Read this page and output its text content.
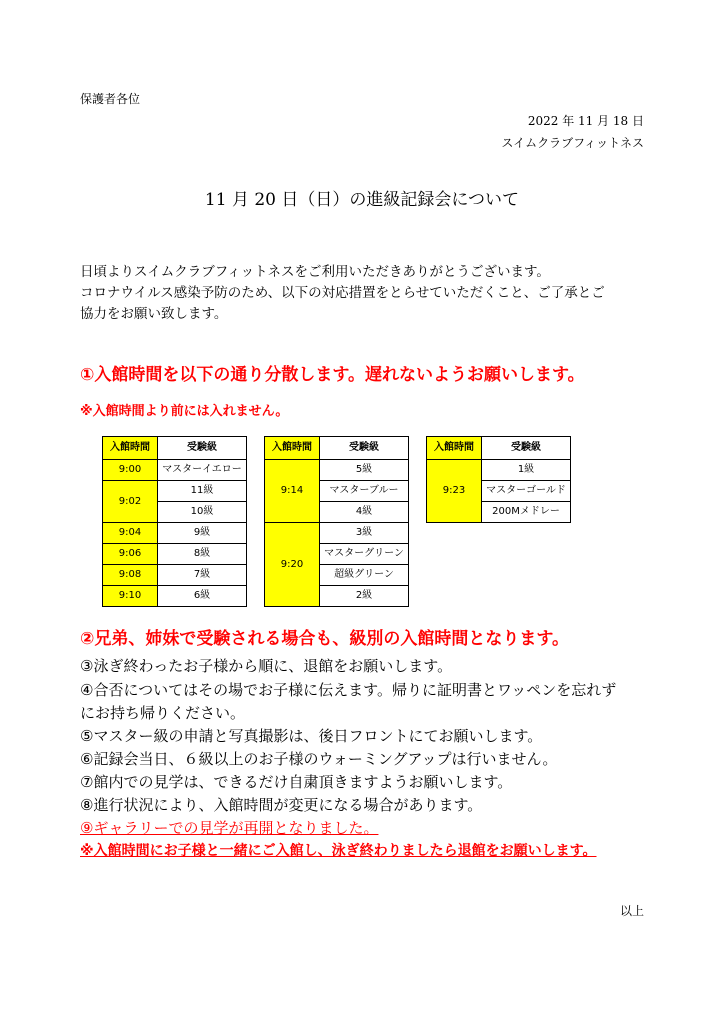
保護者各位
2022 年 11 月 18 日
スイムクラブフィットネス
11 月 20 日（日）の進級記録会について
日頃よりスイムクラブフィットネスをご利用いただきありがとうございます。
コロナウイルス感染予防のため、以下の対応措置をとらせていただくこと、ご了承とご
協力をお願い致します。
①入館時間を以下の通り分散します。遅れないようお願いします。
※入館時間より前には入れません。
入館時間	受験級
9:00	マスターイエロー
9:02	11級
	10級
9:04	9級
9:06	8級
9:08	7級
9:10	6級
入館時間	受験級
9:14	5級
	マスターブルー
	4級
9:20	3級
	マスターグリーン
	超級グリーン
	2級
入館時間	受験級
9:23	1級
	マスターゴールド
	200Mメドレー
②兄弟、姉妹で受験される場合も、級別の入館時間となります。
③泳ぎ終わったお子様から順に、退館をお願いします。
④合否についてはその場でお子様に伝えます。帰りに証明書とワッペンを忘れず
にお持ち帰りください。
⑤マスター級の申請と写真撮影は、後日フロントにてお願いします。
⑥記録会当日、６級以上のお子様のウォーミングアップは行いません。
⑦館内での見学は、できるだけ自粛頂きますようお願いします。
⑧進行状況により、入館時間が変更になる場合があります。
⑨ギャラリーでの見学が再開となりました。
※入館時間にお子様と一緒にご入館し、泳ぎ終わりましたら退館をお願いします。
以上
